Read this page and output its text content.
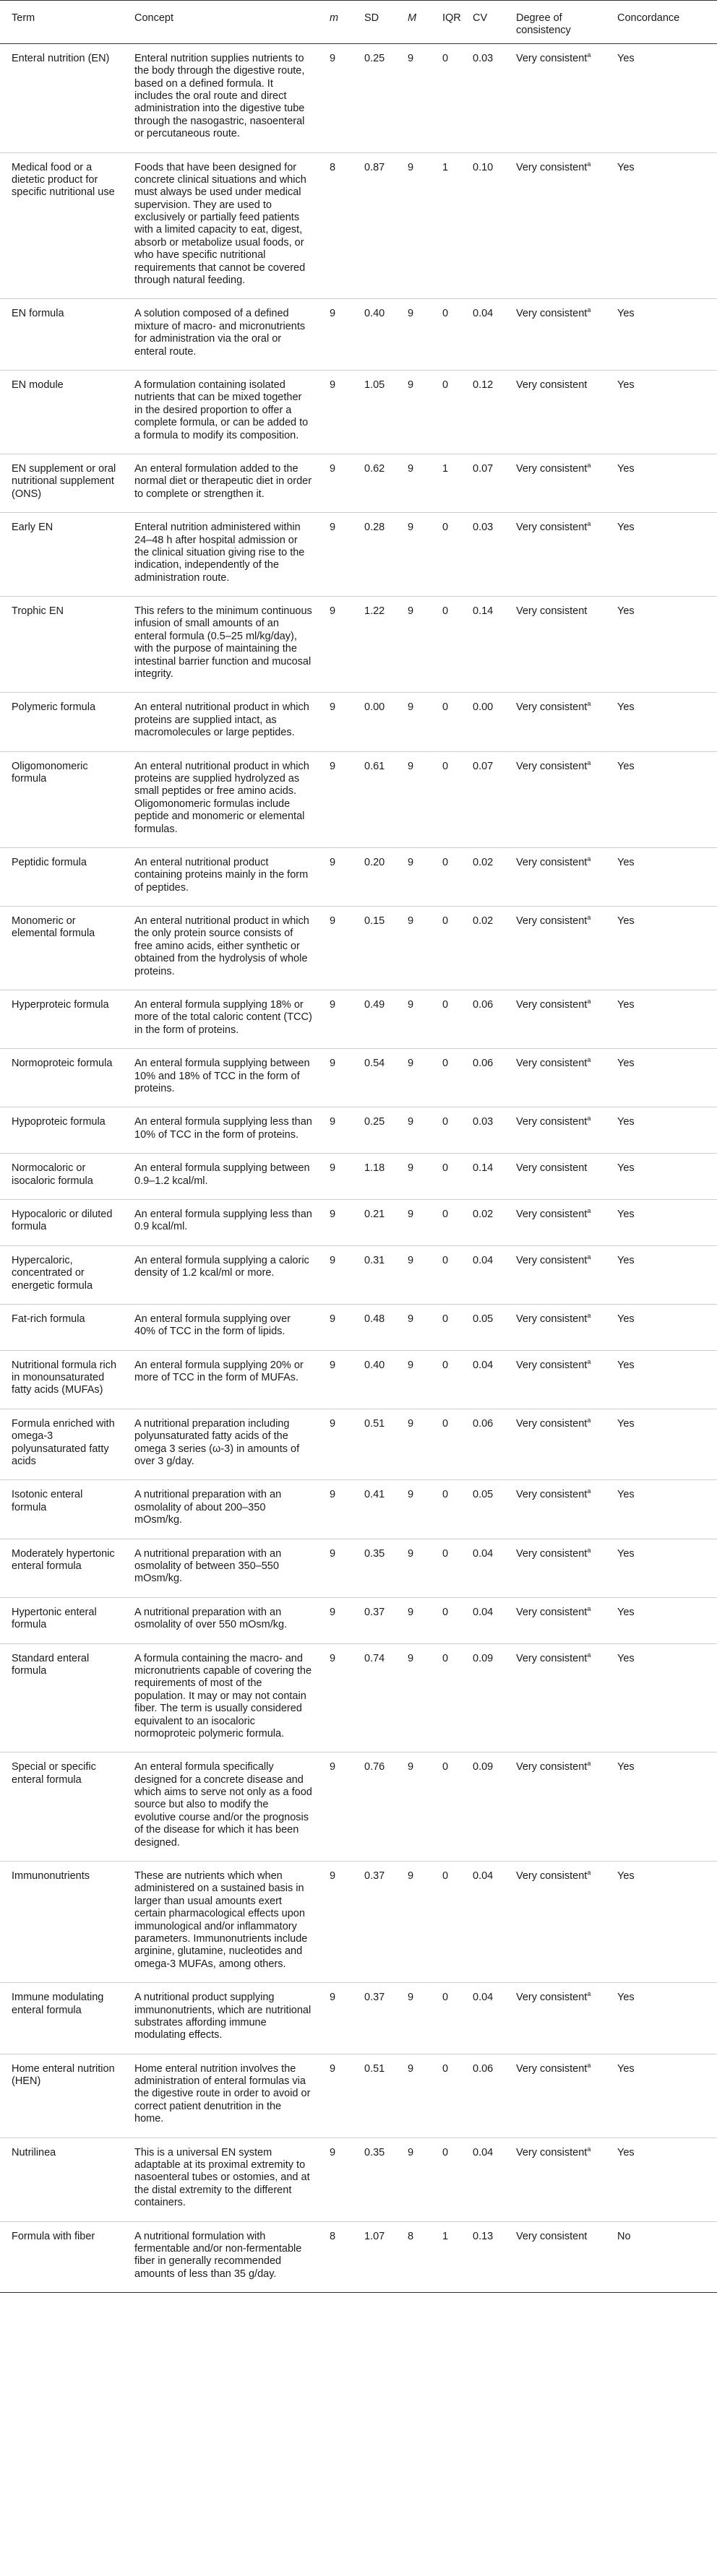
Term	Concept	m	SD	M	IQR	CV	Degree of consistency	Concordance
Enteral nutrition (EN)	Enteral nutrition supplies nutrients to the body through the digestive route, based on a defined formula. It includes the oral route and direct administration into the digestive tube through the nasogastric, nasoenteral or percutaneous route.	9	0.25	9	0	0.03	Very consistent$^a$	Yes
Medical food or a dietetic product for specific nutritional use	Foods that have been designed for concrete clinical situations and which must always be used under medical supervision. They are used to exclusively or partially feed patients with a limited capacity to eat, digest, absorb or metabolize usual foods, or who have specific nutritional requirements that cannot be covered through natural feeding.	8	0.87	9	1	0.10	Very consistent$^a$	Yes
EN formula	A solution composed of a defined mixture of macro- and micronutrients for administration via the oral or enteral route.	9	0.40	9	0	0.04	Very consistent$^a$	Yes
EN module	A formulation containing isolated nutrients that can be mixed together in the desired proportion to offer a complete formula, or can be added to a formula to modify its composition.	9	1.05	9	0	0.12	Very consistent	Yes
EN supplement or oral nutritional supplement (ONS)	An enteral formulation added to the normal diet or therapeutic diet in order to complete or strengthen it.	9	0.62	9	1	0.07	Very consistent$^a$	Yes
Early EN	Enteral nutrition administered within 24–48 h after hospital admission or the clinical situation giving rise to the indication, independently of the administration route.	9	0.28	9	0	0.03	Very consistent$^a$	Yes
Trophic EN	This refers to the minimum continuous infusion of small amounts of an enteral formula (0.5–25 ml/kg/day), with the purpose of maintaining the intestinal barrier function and mucosal integrity.	9	1.22	9	0	0.14	Very consistent	Yes
Polymeric formula	An enteral nutritional product in which proteins are supplied intact, as macromolecules or large peptides.	9	0.00	9	0	0.00	Very consistent$^a$	Yes
Oligomonomeric formula	An enteral nutritional product in which proteins are supplied hydrolyzed as small peptides or free amino acids. Oligomonomeric formulas include peptide and monomeric or elemental formulas.	9	0.61	9	0	0.07	Very consistent$^a$	Yes
Peptidic formula	An enteral nutritional product containing proteins mainly in the form of peptides.	9	0.20	9	0	0.02	Very consistent$^a$	Yes
Monomeric or elemental formula	An enteral nutritional product in which the only protein source consists of free amino acids, either synthetic or obtained from the hydrolysis of whole proteins.	9	0.15	9	0	0.02	Very consistent$^a$	Yes
Hyperproteic formula	An enteral formula supplying 18% or more of the total caloric content (TCC) in the form of proteins.	9	0.49	9	0	0.06	Very consistent$^a$	Yes
Normoproteic formula	An enteral formula supplying between 10% and 18% of TCC in the form of proteins.	9	0.54	9	0	0.06	Very consistent$^a$	Yes
Hypoproteic formula	An enteral formula supplying less than 10% of TCC in the form of proteins.	9	0.25	9	0	0.03	Very consistent$^a$	Yes
Normocaloric or isocaloric formula	An enteral formula supplying between 0.9–1.2 kcal/ml.	9	1.18	9	0	0.14	Very consistent	Yes
Hypocaloric or diluted formula	An enteral formula supplying less than 0.9 kcal/ml.	9	0.21	9	0	0.02	Very consistent$^a$	Yes
Hypercaloric, concentrated or energetic formula	An enteral formula supplying a caloric density of 1.2 kcal/ml or more.	9	0.31	9	0	0.04	Very consistent$^a$	Yes
Fat-rich formula	An enteral formula supplying over 40% of TCC in the form of lipids.	9	0.48	9	0	0.05	Very consistent$^a$	Yes
Nutritional formula rich in monounsaturated fatty acids (MUFAs)	An enteral formula supplying 20% or more of TCC in the form of MUFAs.	9	0.40	9	0	0.04	Very consistent$^a$	Yes
Formula enriched with omega-3 polyunsaturated fatty acids	A nutritional preparation including polyunsaturated fatty acids of the omega 3 series (ω-3) in amounts of over 3 g/day.	9	0.51	9	0	0.06	Very consistent$^a$	Yes
Isotonic enteral formula	A nutritional preparation with an osmolality of about 200–350 mOsm/kg.	9	0.41	9	0	0.05	Very consistent$^a$	Yes
Moderately hypertonic enteral formula	A nutritional preparation with an osmolality of between 350–550 mOsm/kg.	9	0.35	9	0	0.04	Very consistent$^a$	Yes
Hypertonic enteral formula	A nutritional preparation with an osmolality of over 550 mOsm/kg.	9	0.37	9	0	0.04	Very consistent$^a$	Yes
Standard enteral formula	A formula containing the macro- and micronutrients capable of covering the requirements of most of the population. It may or may not contain fiber. The term is usually considered equivalent to an isocaloric normoproteic polymeric formula.	9	0.74	9	0	0.09	Very consistent$^a$	Yes
Special or specific enteral formula	An enteral formula specifically designed for a concrete disease and which aims to serve not only as a food source but also to modify the evolutive course and/or the prognosis of the disease for which it has been designed.	9	0.76	9	0	0.09	Very consistent$^a$	Yes
Immunonutrients	These are nutrients which when administered on a sustained basis in larger than usual amounts exert certain pharmacological effects upon immunological and/or inflammatory parameters. Immunonutrients include arginine, glutamine, nucleotides and omega-3 MUFAs, among others.	9	0.37	9	0	0.04	Very consistent$^a$	Yes
Immune modulating enteral formula	A nutritional product supplying immunonutrients, which are nutritional substrates affording immune modulating effects.	9	0.37	9	0	0.04	Very consistent$^a$	Yes
Home enteral nutrition (HEN)	Home enteral nutrition involves the administration of enteral formulas via the digestive route in order to avoid or correct patient denutrition in the home.	9	0.51	9	0	0.06	Very consistent$^a$	Yes
Nutrilinea	This is a universal EN system adaptable at its proximal extremity to nasoenteral tubes or ostomies, and at the distal extremity to the different containers.	9	0.35	9	0	0.04	Very consistent$^a$	Yes
Formula with fiber	A nutritional formulation with fermentable and/or non-fermentable fiber in generally recommended amounts of less than 35 g/day.	8	1.07	8	1	0.13	Very consistent	No
